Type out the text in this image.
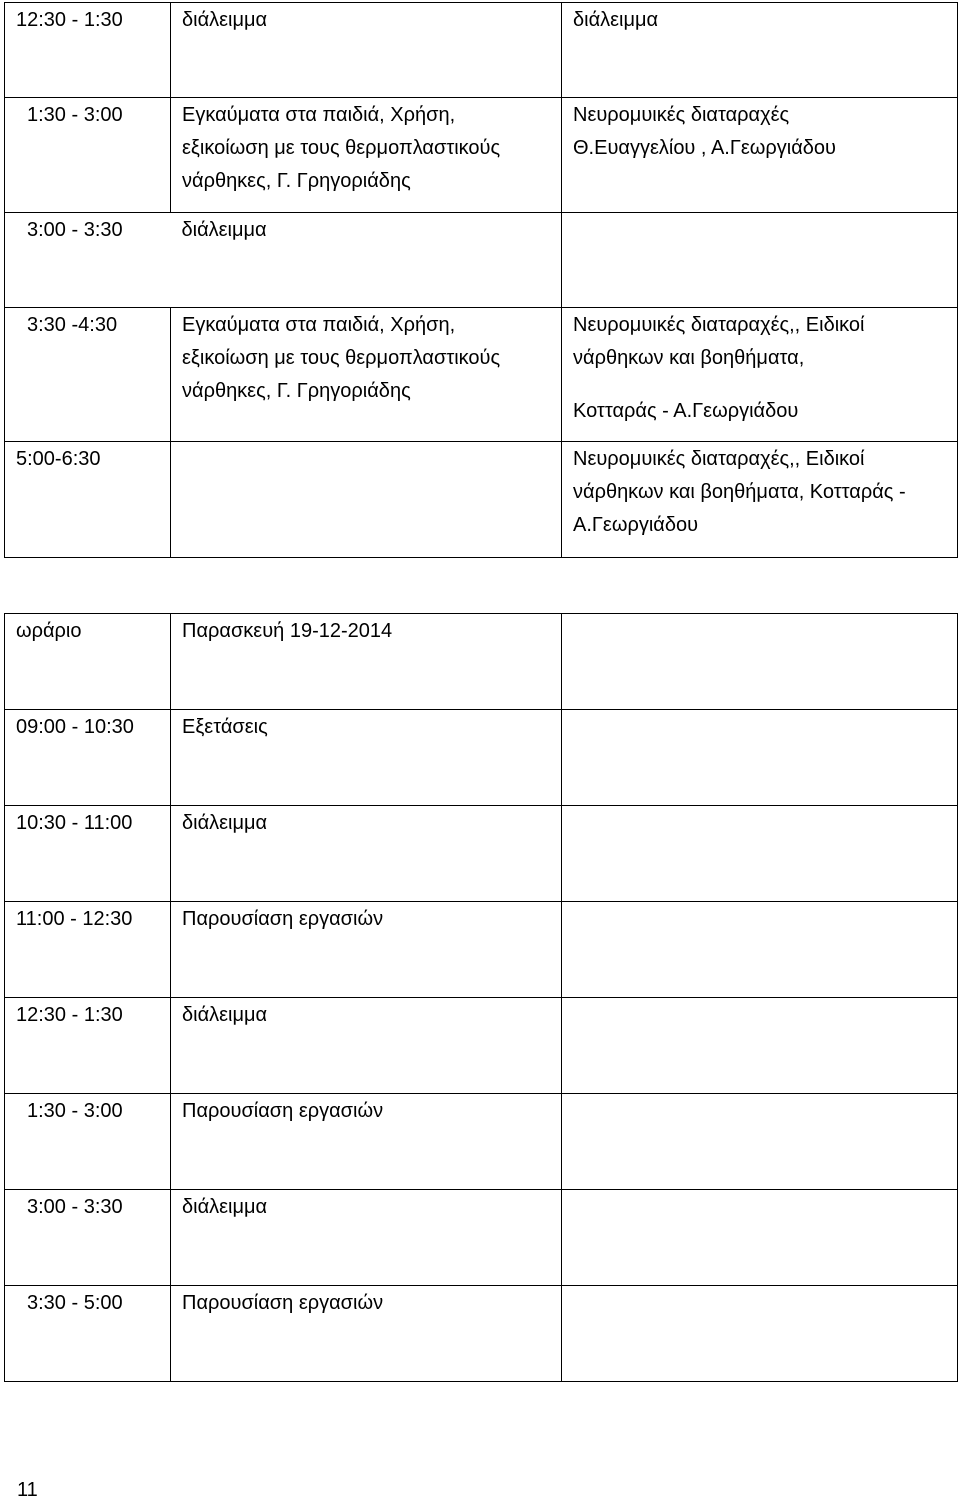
12:30 - 1:30	διάλειμμα	διάλειμμα

1:30 - 3:00	Εγκαύματα στα παιδιά, Χρήση,
εξικοίωση με τους θερμοπλαστικούς
νάρθηκες, Γ. Γρηγοριάδης	Νευρομυικές διαταραχές
Θ.Ευαγγελίου , Α.Γεωργιάδου

3:00 - 3:30	διάλειμμα	

3:30 -4:30	Εγκαύματα στα παιδιά, Χρήση,
εξικοίωση με τους θερμοπλαστικούς
νάρθηκες, Γ. Γρηγοριάδης	Νευρομυικές διαταραχές,, Ειδικοί
νάρθηκων και βοηθήματα,
Κοτταράς - Α.Γεωργιάδου

5:00-6:30		Νευρομυικές διαταραχές,, Ειδικοί
νάρθηκων και βοηθήματα, Κοτταράς -
Α.Γεωργιάδου
ωράριο	Παρασκευή 19-12-2014	
09:00 - 10:30	Εξετάσεις	
10:30 - 11:00	διάλειμμα	
11:00 - 12:30	Παρουσίαση εργασιών	
12:30 - 1:30	διάλειμμα	
1:30 - 3:00	Παρουσίαση εργασιών	
3:00 - 3:30	διάλειμμα	
3:30 - 5:00	Παρουσίαση εργασιών	
11
